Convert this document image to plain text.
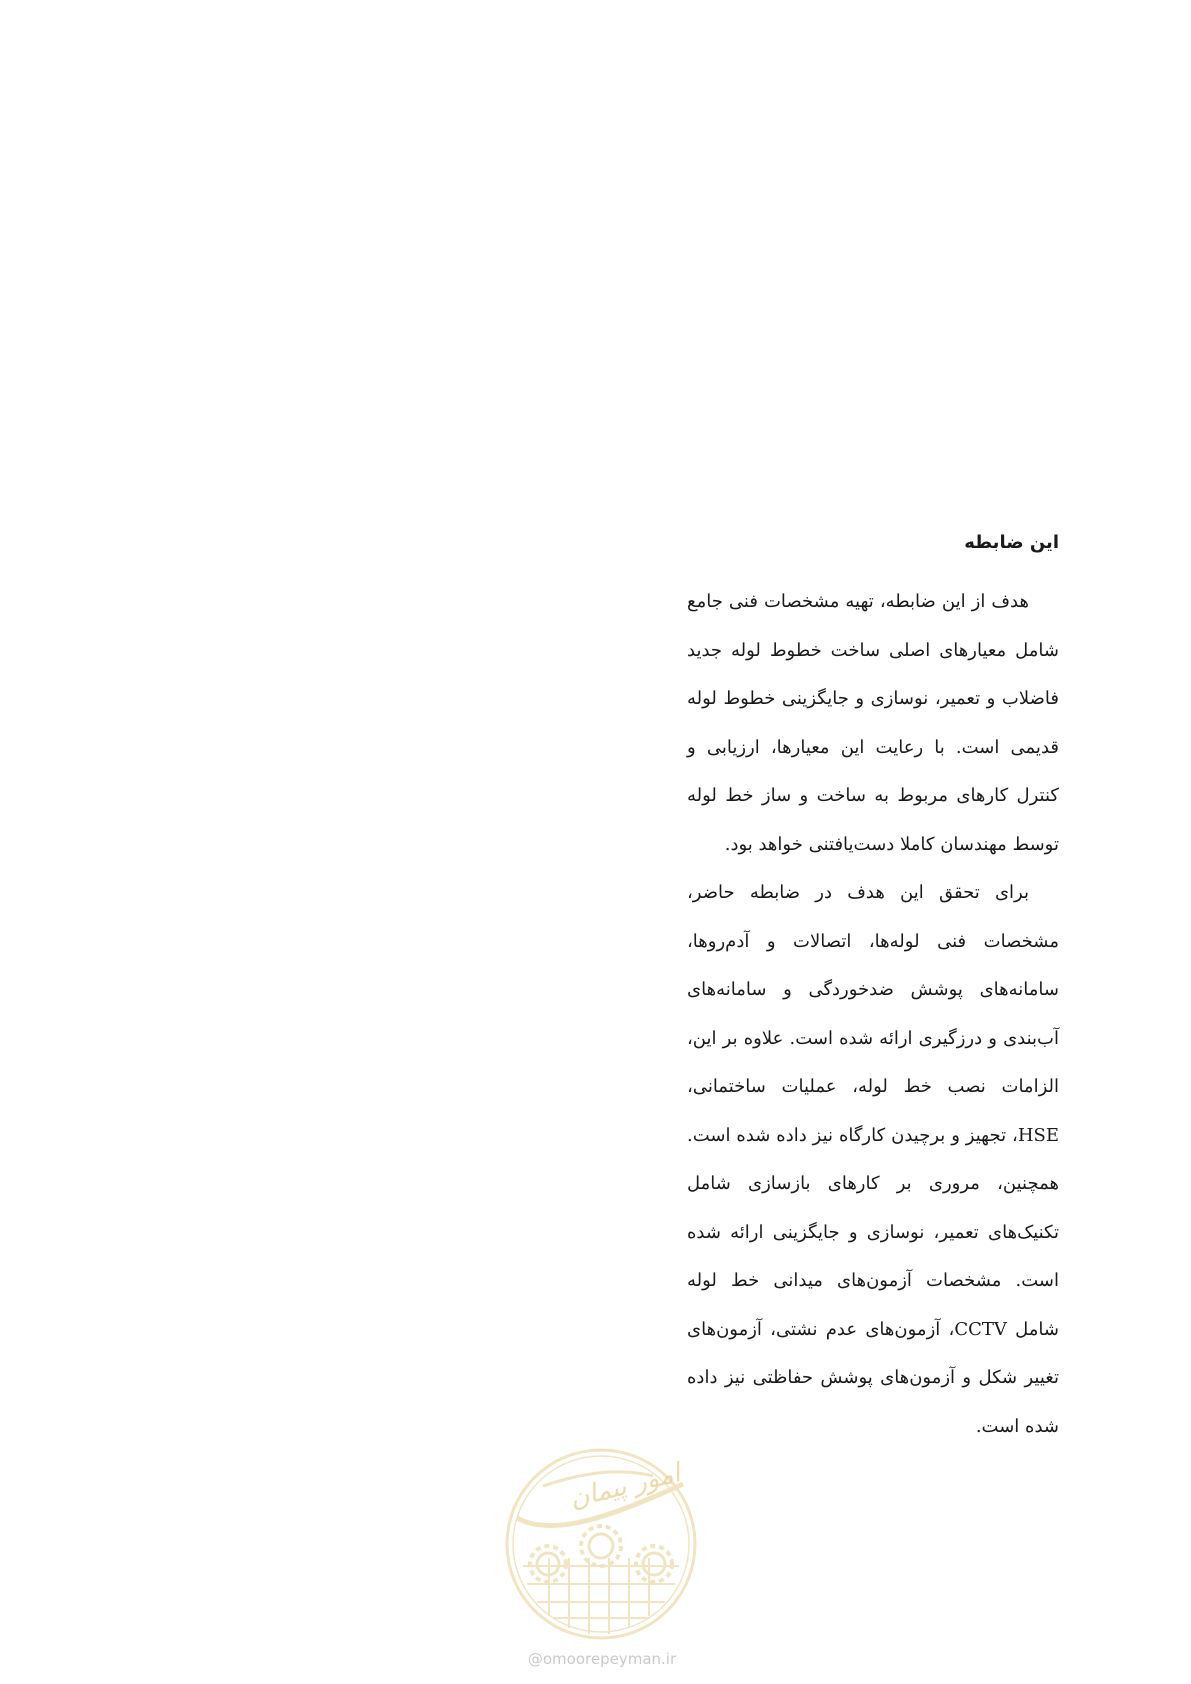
این ضابطه

هدف از این ضابطه، تهیه مشخصات فنی جامع شامل معیارهای اصلی ساخت خطوط لوله جدید فاضلاب و تعمیر، نوسازی و جایگزینی خطوط لوله قدیمی است. با رعایت این معیارها، ارزیابی و کنترل کارهای مربوط به ساخت و ساز خط لوله توسط مهندسان کاملا دست‌یافتنی خواهد بود.

برای تحقق این هدف در ضابطه حاضر، مشخصات فنی لوله‌ها، اتصالات و آدم‌روها، سامانه‌های پوشش ضدخوردگی و سامانه‌های آب‌بندی و درزگیری ارائه شده است. علاوه بر این، الزامات نصب خط لوله، عملیات ساختمانی، HSE، تجهیز و برچیدن کارگاه نیز داده شده است. همچنین، مروری بر کارهای بازسازی شامل تکنیک‌های تعمیر، نوسازی و جایگزینی ارائه شده است. مشخصات آزمون‌های میدانی خط لوله شامل CCTV، آزمون‌های عدم نشتی، آزمون‌های تغییر شکل و آزمون‌های پوشش حفاظتی نیز داده شده است.

امور پیمان
@omoorepeyman.ir
